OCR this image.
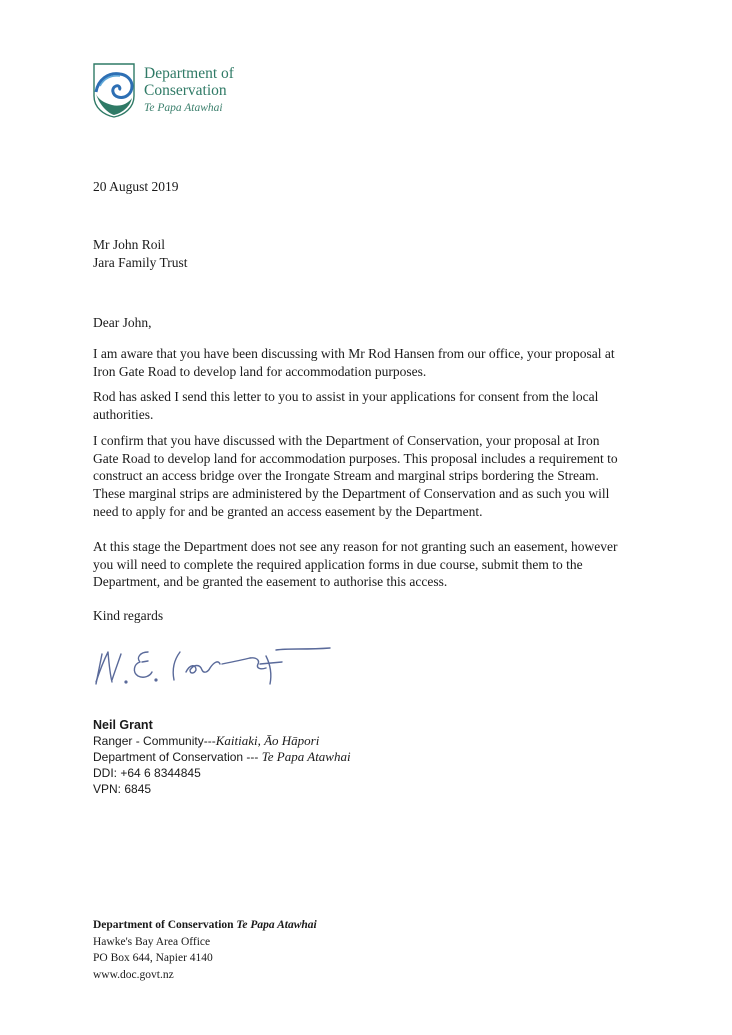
Department of
Conservation
Te Papa Atawhai
20 August 2019
Mr John Roil
Jara Family Trust
Dear John,

I am aware that you have been discussing with Mr Rod Hansen from our office, your proposal at Iron Gate Road to develop land for accommodation purposes.

Rod has asked I send this letter to you to assist in your applications for consent from the local authorities.

I confirm that you have discussed with the Department of Conservation, your proposal at Iron Gate Road to develop land for accommodation purposes. This proposal includes a requirement to construct an access bridge over the Irongate Stream and marginal strips bordering the Stream. These marginal strips are administered by the Department of Conservation and as such you will need to apply for and be granted an access easement by the Department.

At this stage the Department does not see any reason for not granting such an easement, however you will need to complete the required application forms in due course, submit them to the Department, and be granted the easement to authorise this access.

Kind regards
Neil Grant
Ranger - Community---Kaitiaki, Āo Hāpori
Department of Conservation --- Te Papa Atawhai
DDI: +64 6 8344845
VPN: 6845
Department of Conservation Te Papa Atawhai
Hawke's Bay Area Office
PO Box 644, Napier 4140
www.doc.govt.nz
